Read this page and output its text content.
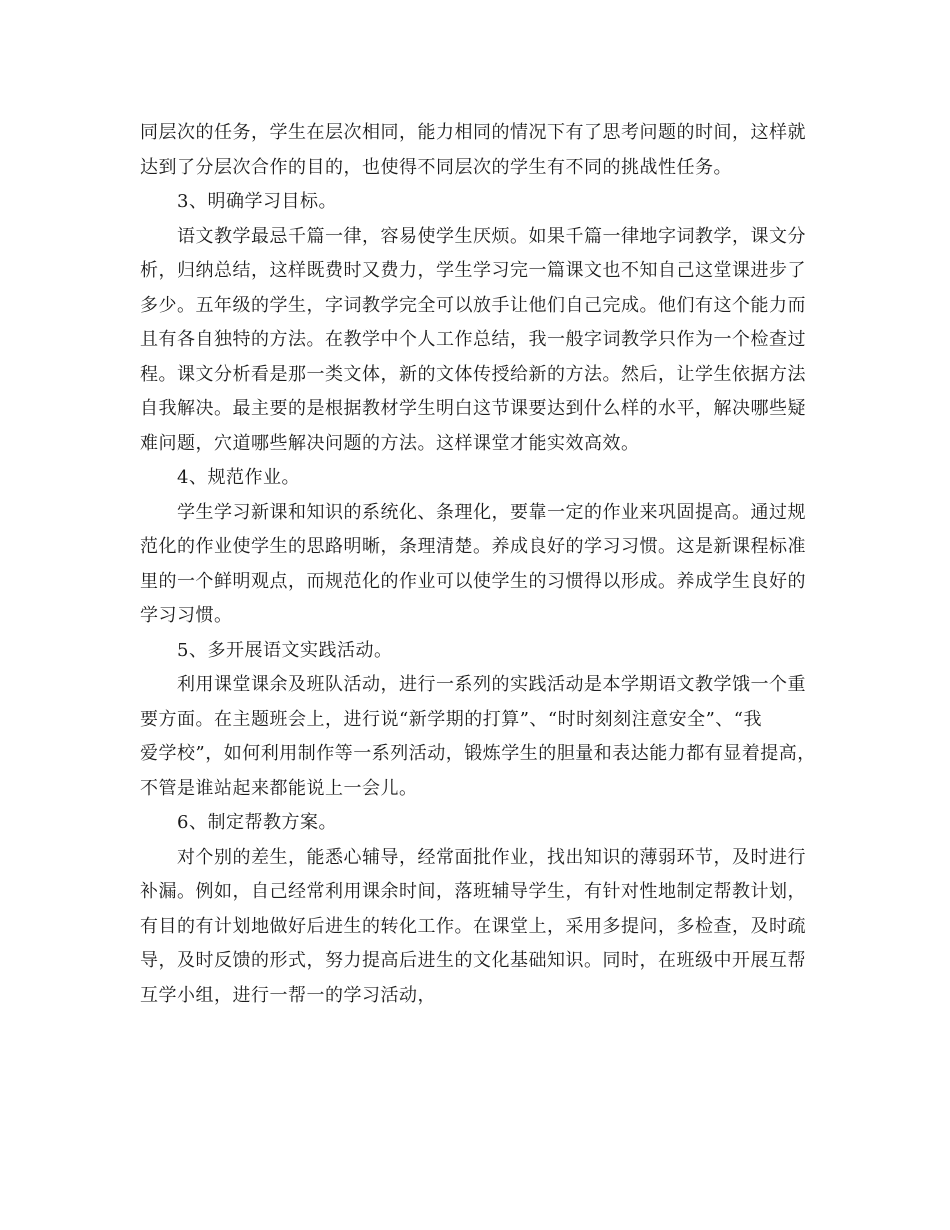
同层次的任务，学生在层次相同，能力相同的情况下有了思考问题的时间，这样就
达到了分层次合作的目的，也使得不同层次的学生有不同的挑战性任务。
3、明确学习目标。
语文教学最忌千篇一律，容易使学生厌烦。如果千篇一律地字词教学，课文分
析，归纳总结，这样既费时又费力，学生学习完一篇课文也不知自己这堂课进步了
多少。五年级的学生，字词教学完全可以放手让他们自己完成。他们有这个能力而
且有各自独特的方法。在教学中个人工作总结，我一般字词教学只作为一个检查过
程。课文分析看是那一类文体，新的文体传授给新的方法。然后，让学生依据方法
自我解决。最主要的是根据教材学生明白这节课要达到什么样的水平，解决哪些疑
难问题，穴道哪些解决问题的方法。这样课堂才能实效高效。
4、规范作业。
学生学习新课和知识的系统化、条理化，要靠一定的作业来巩固提高。通过规
范化的作业使学生的思路明晰，条理清楚。养成良好的学习习惯。这是新课程标准
里的一个鲜明观点，而规范化的作业可以使学生的习惯得以形成。养成学生良好的
学习习惯。
5、多开展语文实践活动。
利用课堂课余及班队活动，进行一系列的实践活动是本学期语文教学饿一个重
要方面。在主题班会上，进行说“新学期的打算”、“时时刻刻注意安全”、“我
爱学校”，如何利用制作等一系列活动，锻炼学生的胆量和表达能力都有显着提高，
不管是谁站起来都能说上一会儿。
6、制定帮教方案。
对个别的差生，能悉心辅导，经常面批作业，找出知识的薄弱环节，及时进行
补漏。例如，自己经常利用课余时间，落班辅导学生，有针对性地制定帮教计划，
有目的有计划地做好后进生的转化工作。在课堂上，采用多提问，多检查，及时疏
导，及时反馈的形式，努力提高后进生的文化基础知识。同时，在班级中开展互帮
互学小组，进行一帮一的学习活动，
